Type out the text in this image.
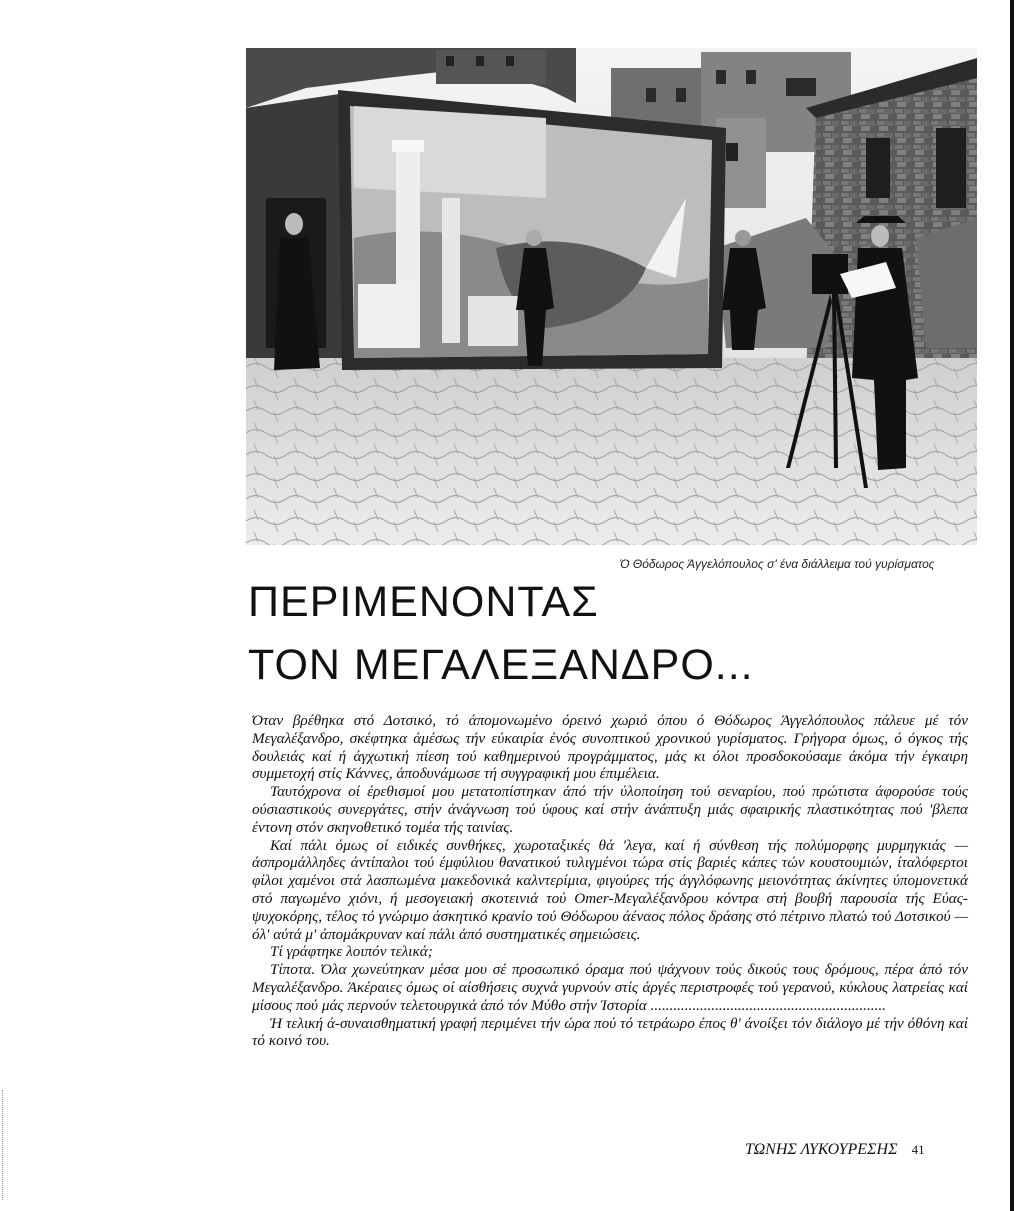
Ό Θόδωρος Άγγελόπουλος σ' ένα διάλλειμα τού γυρίσματος
ΠΕΡΙΜΕΝΟΝΤΑΣ
ΤΟΝ ΜΕΓΑΛΕΞΑΝΔΡΟ...

Όταν βρέθηκα στό Δοτσικό, τό άπομονωμένο όρεινό χωριό όπου ό Θόδωρος Άγγελόπουλος πάλευε μέ τόν Μεγαλέξανδρο, σκέφτηκα άμέσως τήν εύκαιρία ένός συνοπτικού χρονικού γυρίσματος. Γρήγορα όμως, ό όγκος τής δουλειάς καί ή άγχωτική πίεση τού καθημερινού προγράμματος, μάς κι όλοι προσδοκούσαμε άκόμα τήν έγκαιρη συμμετοχή στίς Κάννες, άποδυνάμωσε τή συγγραφική μου έπιμέλεια.

Ταυτόχρονα οί έρεθισμοί μου μετατοπίστηκαν άπό τήν ύλοποίηση τού σεναρίου, πού πρώτιστα άφορούσε τούς ούσιαστικούς συνεργάτες, στήν άνάγνωση τού ύφους καί στήν άνάπτυξη μιάς σφαιρικής πλαστικότητας πού 'βλεπα έντονη στόν σκηνοθετικό τομέα τής ταινίας.

Καί πάλι όμως οί ειδικές συνθήκες, χωροταξικές θά 'λεγα, καί ή σύνθεση τής πολύμορφης μυρμηγκιάς — άσπρομάλληδες άντίπαλοι τού έμφύλιου θανατικού τυλιγμένοι τώρα στίς βαριές κάπες τών κουστουμιών, ίταλόφερτοι φίλοι χαμένοι στά λασπωμένα μακεδονικά καλντερίμια, φιγούρες τής άγγλόφωνης μειονότητας άκίνητες ύπομονετικά στό παγωμένο χιόνι, ή μεσογειακή σκοτεινιά τού Omer-Μεγαλέξανδρου κόντρα στή βουβή παρουσία τής Εύας-ψυχοκόρης, τέλος τό γνώριμο άσκητικό κρανίο τού Θόδωρου άέναος πόλος δράσης στό πέτρινο πλατώ τού Δοτσικού — όλ' αύτά μ' άπομάκρυναν καί πάλι άπό συστηματικές σημειώσεις.

Τί γράφτηκε λοιπόν τελικά;

Τίποτα. Όλα χωνεύτηκαν μέσα μου σέ προσωπικό όραμα πού ψάχνουν τούς δικούς τους δρόμους, πέρα άπό τόν Μεγαλέξανδρο. Άκέραιες όμως οί αίσθήσεις συχνά γυρνούν στίς άργές περιστροφές τού γερανού, κύκλους λατρείας καί μίσους πού μάς περνούν τελετουργικά άπό τόν Μύθο στήν Ίστορία ..............................................................

Ή τελική ά-συναισθηματική γραφή περιμένει τήν ώρα πού τό τετράωρο έπος θ' άνοίξει τόν διάλογο μέ τήν όθόνη καί τό κοινό του.

ΤΩΝΗΣ ΛΥΚΟΥΡΕΣΗΣ 41
